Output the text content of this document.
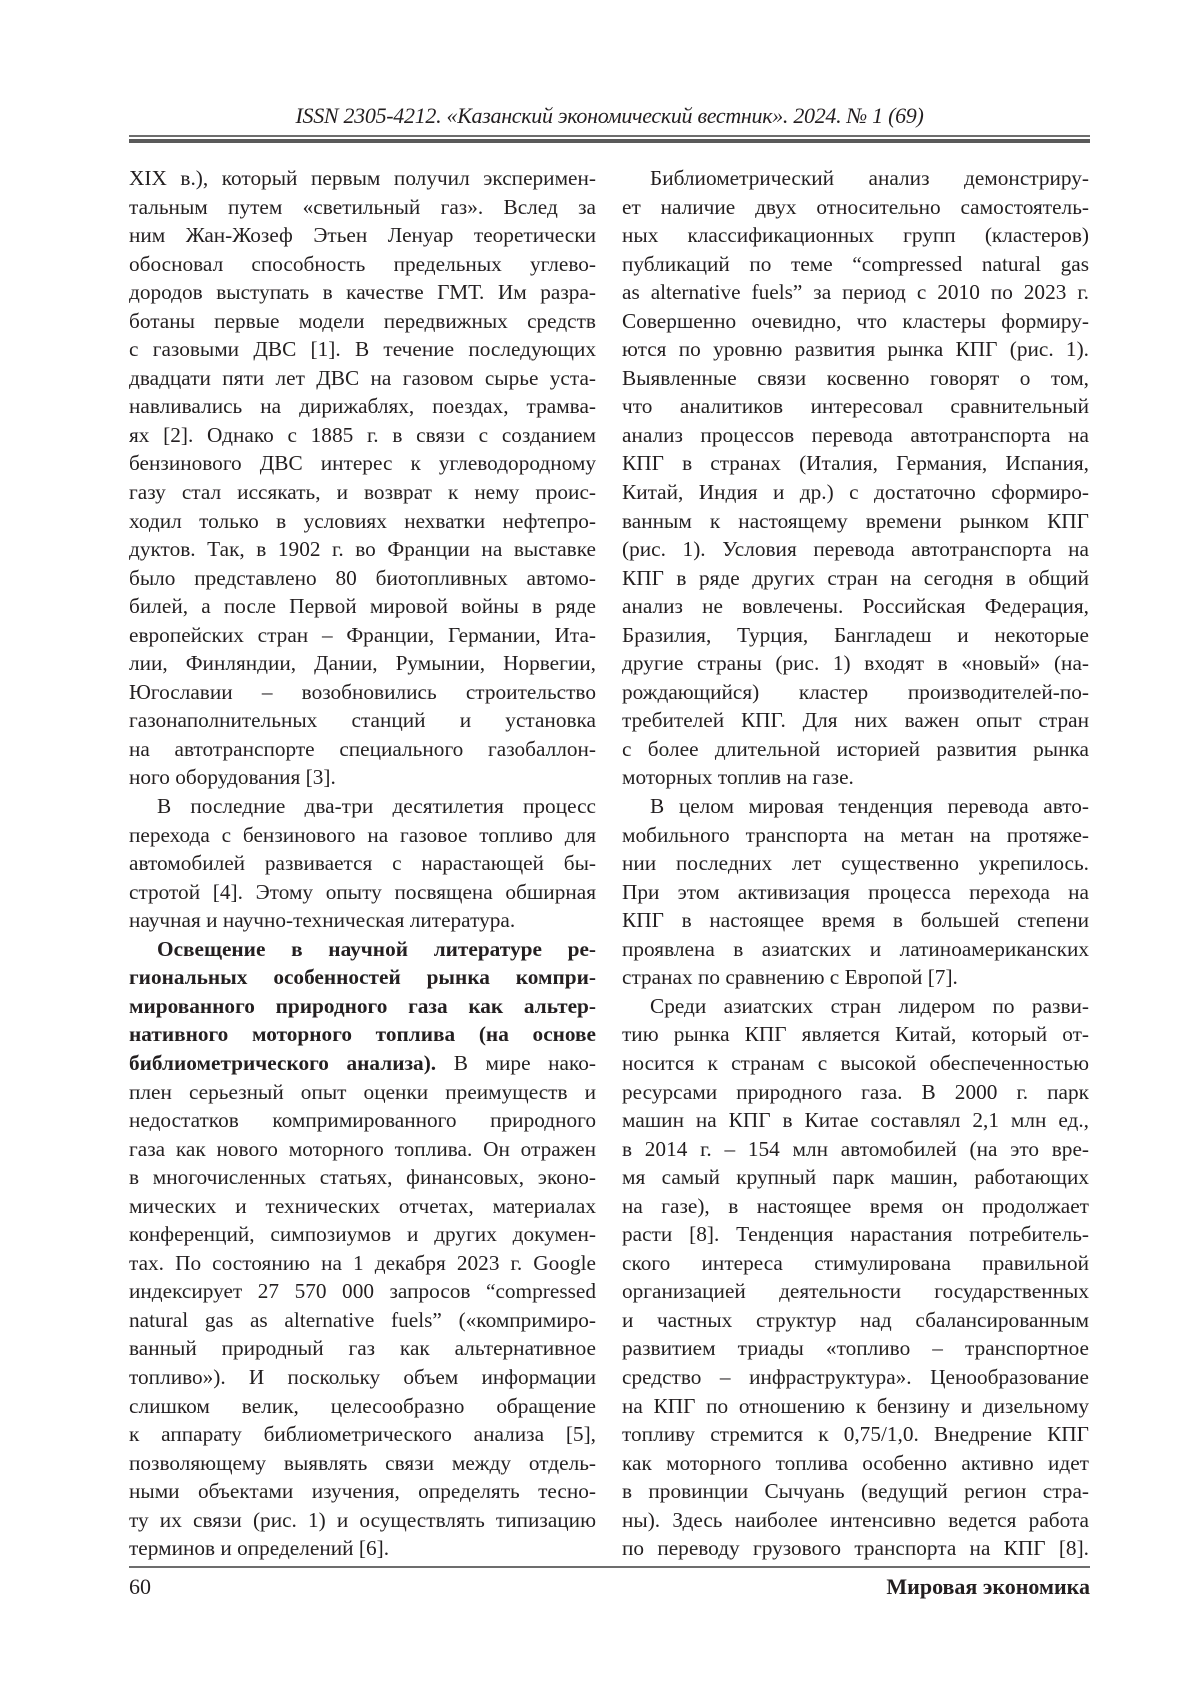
ISSN 2305-4212. «Казанский экономический вестник». 2024. № 1 (69)
XIX в.), который первым получил эксперимен-
тальным путем «светильный газ». Вслед за
ним Жан-Жозеф Этьен Ленуар теоретически
обосновал способность предельных углево-
дородов выступать в качестве ГМТ. Им разра-
ботаны первые модели передвижных средств
с газовыми ДВС [1]. В течение последующих
двадцати пяти лет ДВС на газовом сырье уста-
навливались на дирижаблях, поездах, трамва-
ях [2]. Однако с 1885 г. в связи с созданием
бензинового ДВС интерес к углеводородному
газу стал иссякать, и возврат к нему проис-
ходил только в условиях нехватки нефтепро-
дуктов. Так, в 1902 г. во Франции на выставке
было представлено 80 биотопливных автомо-
билей, а после Первой мировой войны в ряде
европейских стран – Франции, Германии, Ита-
лии, Финляндии, Дании, Румынии, Норвегии,
Югославии – возобновились строительство
газонаполнительных станций и установка
на автотранспорте специального газобаллон-
ного оборудования [3].
В последние два-три десятилетия процесс
перехода с бензинового на газовое топливо для
автомобилей развивается с нарастающей бы-
стротой [4]. Этому опыту посвящена обширная
научная и научно-техническая литература.
Освещение в научной литературе ре-
гиональных особенностей рынка компри-
мированного природного газа как альтер-
нативного моторного топлива (на основе
библиометрического анализа). В мире нако-
плен серьезный опыт оценки преимуществ и
недостатков компримированного природного
газа как нового моторного топлива. Он отражен
в многочисленных статьях, финансовых, эконо-
мических и технических отчетах, материалах
конференций, симпозиумов и других докумен-
тах. По состоянию на 1 декабря 2023 г. Google
индексирует 27 570 000 запросов “compressed
natural gas as alternative fuels” («компримиро-
ванный природный газ как альтернативное
топливо»). И поскольку объем информации
слишком велик, целесообразно обращение
к аппарату библиометрического анализа [5],
позволяющему выявлять связи между отдель-
ными объектами изучения, определять тесно-
ту их связи (рис. 1) и осуществлять типизацию
терминов и определений [6].
Библиометрический анализ демонстриру-
ет наличие двух относительно самостоятель-
ных классификационных групп (кластеров)
публикаций по теме “compressed natural gas
as alternative fuels” за период с 2010 по 2023 г.
Совершенно очевидно, что кластеры формиру-
ются по уровню развития рынка КПГ (рис. 1).
Выявленные связи косвенно говорят о том,
что аналитиков интересовал сравнительный
анализ процессов перевода автотранспорта на
КПГ в странах (Италия, Германия, Испания,
Китай, Индия и др.) с достаточно сформиро-
ванным к настоящему времени рынком КПГ
(рис. 1). Условия перевода автотранспорта на
КПГ в ряде других стран на сегодня в общий
анализ не вовлечены. Российская Федерация,
Бразилия, Турция, Бангладеш и некоторые
другие страны (рис. 1) входят в «новый» (на-
рождающийся) кластер производителей-по-
требителей КПГ. Для них важен опыт стран
с более длительной историей развития рынка
моторных топлив на газе.
В целом мировая тенденция перевода авто-
мобильного транспорта на метан на протяже-
нии последних лет существенно укрепилось.
При этом активизация процесса перехода на
КПГ в настоящее время в большей степени
проявлена в азиатских и латиноамериканских
странах по сравнению с Европой [7].
Среди азиатских стран лидером по разви-
тию рынка КПГ является Китай, который от-
носится к странам с высокой обеспеченностью
ресурсами природного газа. В 2000 г. парк
машин на КПГ в Китае составлял 2,1 млн ед.,
в 2014 г. – 154 млн автомобилей (на это вре-
мя самый крупный парк машин, работающих
на газе), в настоящее время он продолжает
расти [8]. Тенденция нарастания потребитель-
ского интереса стимулирована правильной
организацией деятельности государственных
и частных структур над сбалансированным
развитием триады «топливо – транспортное
средство – инфраструктура». Ценообразование
на КПГ по отношению к бензину и дизельному
топливу стремится к 0,75/1,0. Внедрение КПГ
как моторного топлива особенно активно идет
в провинции Сычуань (ведущий регион стра-
ны). Здесь наиболее интенсивно ведется работа
по переводу грузового транспорта на КПГ [8].
60	Мировая экономика
